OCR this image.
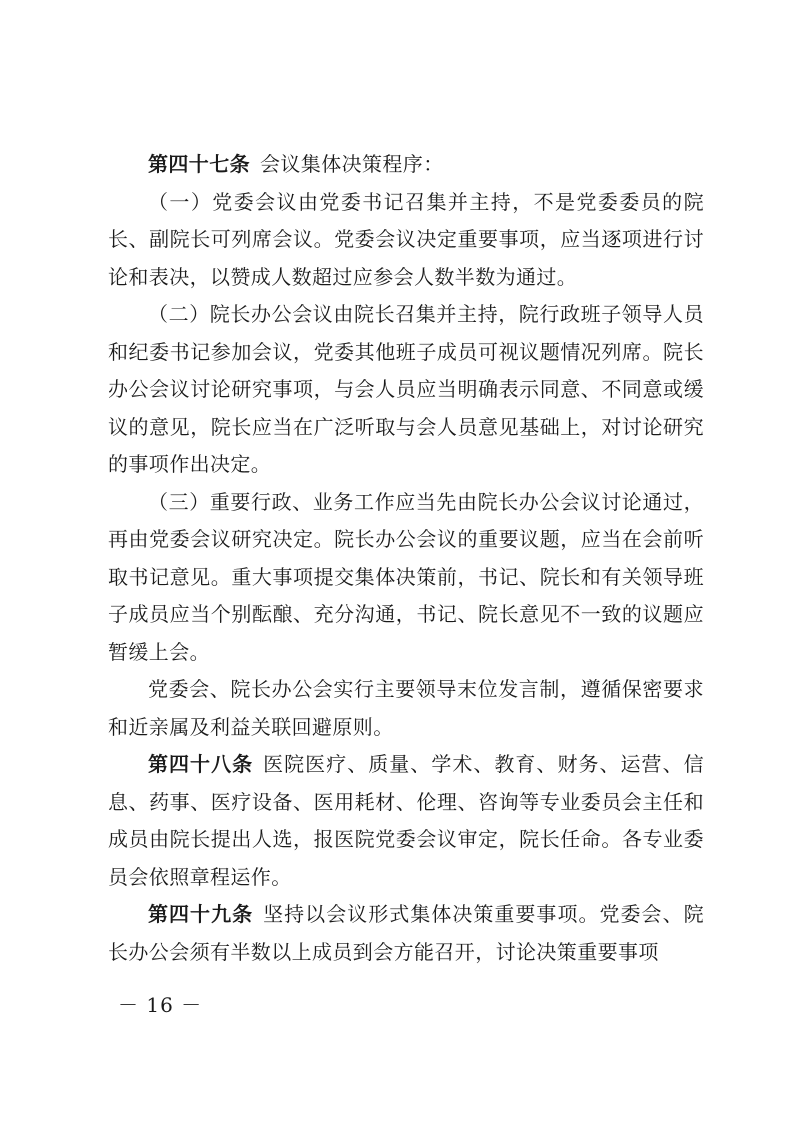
第四十七条 会议集体决策程序：

（一）党委会议由党委书记召集并主持，不是党委委员的院长、副院长可列席会议。党委会议决定重要事项，应当逐项进行讨论和表决，以赞成人数超过应参会人数半数为通过。

（二）院长办公会议由院长召集并主持，院行政班子领导人员和纪委书记参加会议，党委其他班子成员可视议题情况列席。院长办公会议讨论研究事项，与会人员应当明确表示同意、不同意或缓议的意见，院长应当在广泛听取与会人员意见基础上，对讨论研究的事项作出决定。

（三）重要行政、业务工作应当先由院长办公会议讨论通过，再由党委会议研究决定。院长办公会议的重要议题，应当在会前听取书记意见。重大事项提交集体决策前，书记、院长和有关领导班子成员应当个别酝酿、充分沟通，书记、院长意见不一致的议题应暂缓上会。

党委会、院长办公会实行主要领导末位发言制，遵循保密要求和近亲属及利益关联回避原则。

第四十八条 医院医疗、质量、学术、教育、财务、运营、信息、药事、医疗设备、医用耗材、伦理、咨询等专业委员会主任和成员由院长提出人选，报医院党委会议审定，院长任命。各专业委员会依照章程运作。

第四十九条 坚持以会议形式集体决策重要事项。党委会、院长办公会须有半数以上成员到会方能召开，讨论决策重要事项

－ 16 －
